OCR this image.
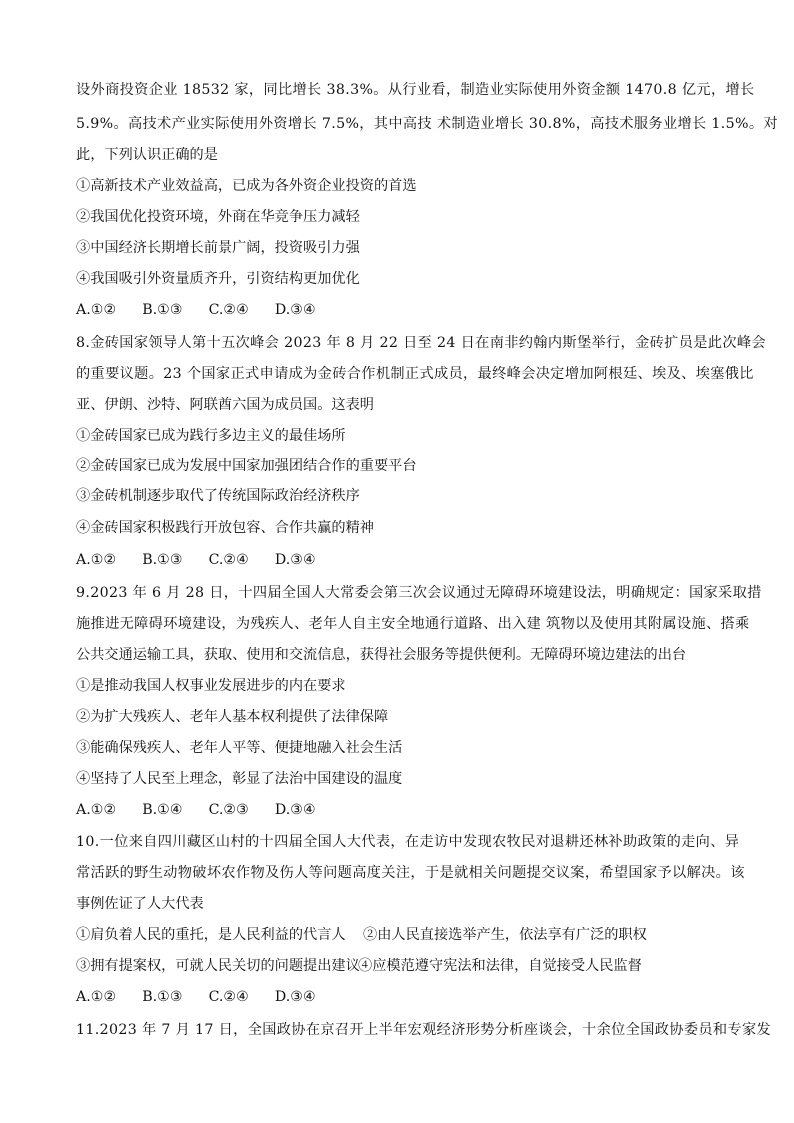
设外商投资企业 18532 家，同比增长 38.3%。从行业看，制造业实际使用外资金额 1470.8 亿元，增长
5.9%。高技术产业实际使用外资增长 7.5%，其中高技 术制造业增长 30.8%，高技术服务业增长 1.5%。对
此，下列认识正确的是
①高新技术产业效益高，已成为各外资企业投资的首选
②我国优化投资环境，外商在华竞争压力减轻
③中国经济长期增长前景广阔，投资吸引力强
④我国吸引外资量质齐升，引资结构更加优化
A.①② B.①③ C.②④ D.③④
8.金砖国家领导人第十五次峰会 2023 年 8 月 22 日至 24 日在南非约翰内斯堡举行，金砖扩员是此次峰会
的重要议题。23 个国家正式申请成为金砖合作机制正式成员，最终峰会决定增加阿根廷、埃及、埃塞俄比
亚、伊朗、沙特、阿联酋六国为成员国。这表明
①金砖国家已成为践行多边主义的最佳场所
②金砖国家已成为发展中国家加强团结合作的重要平台
③金砖机制逐步取代了传统国际政治经济秩序
④金砖国家积极践行开放包容、合作共赢的精神
A.①② B.①③ C.②④ D.③④
9.2023 年 6 月 28 日，十四届全国人大常委会第三次会议通过无障碍环境建设法，明确规定：国家采取措
施推进无障碍环境建设，为残疾人、老年人自主安全地通行道路、出入建 筑物以及使用其附属设施、搭乘
公共交通运输工具，获取、使用和交流信息，获得社会服务等提供便利。无障碍环境边建法的出台
①是推动我国人权事业发展进步的内在要求
②为扩大残疾人、老年人基本权利提供了法律保障
③能确保残疾人、老年人平等、便捷地融入社会生活
④坚持了人民至上理念，彰显了法治中国建设的温度
A.①② B.①④ C.②③ D.③④
10.一位来自四川藏区山村的十四届全国人大代表，在走访中发现农牧民对退耕还林补助政策的走向、异
常活跃的野生动物破坏农作物及伤人等问题高度关注，于是就相关问题提交议案，希望国家予以解决。该
事例佐证了人大代表
①肩负着人民的重托，是人民利益的代言人 ②由人民直接选举产生，依法享有广泛的职权
③拥有提案权，可就人民关切的问题提出建议④应模范遵守宪法和法律，自觉接受人民监督
A.①② B.①③ C.②④ D.③④
11.2023 年 7 月 17 日，全国政协在京召开上半年宏观经济形势分析座谈会，十余位全国政协委员和专家发
